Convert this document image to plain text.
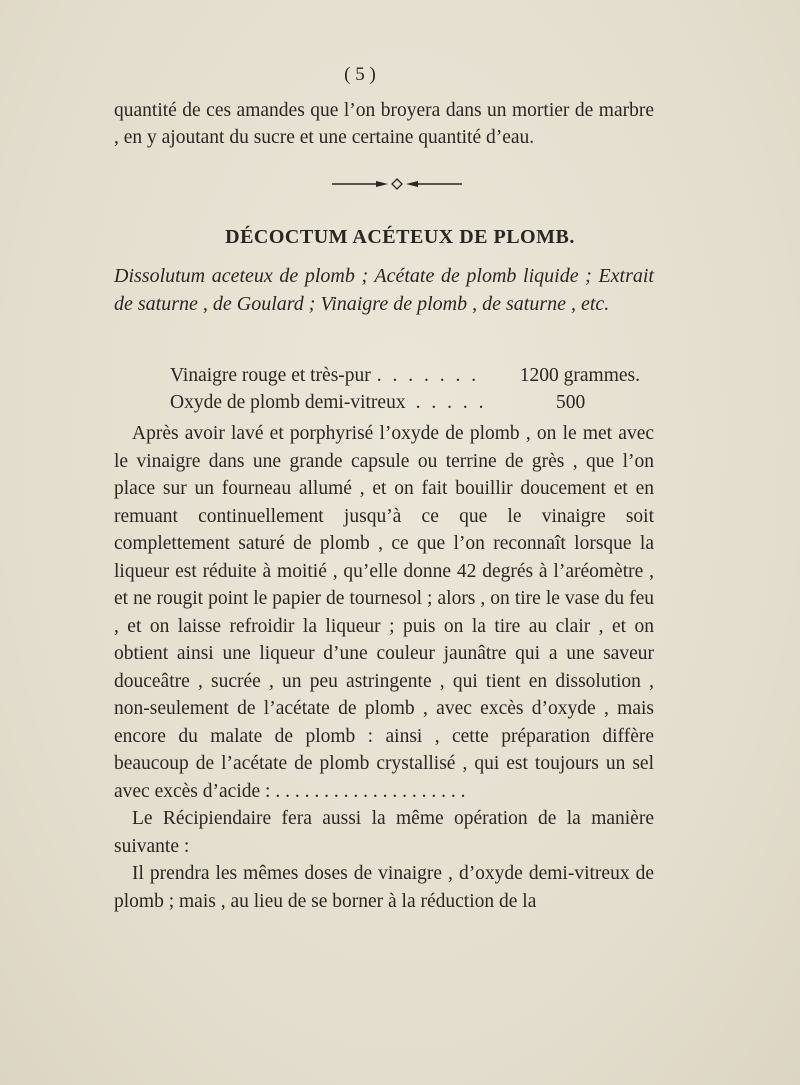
( 5 )

quantité de ces amandes que l’on broyera dans un mortier de marbre , en y ajoutant du sucre et une certaine quantité d’eau.

DÉCOCTUM ACÉTEUX DE PLOMB.
Dissolutum aceteux de plomb ; Acétate de plomb liquide ; Extrait de saturne , de Goulard ; Vinaigre de plomb , de saturne , etc.
Vinaigre rouge et très-pur . . . . . . .	1200 grammes.
Oxyde de plomb demi-vitreux . . . . .	500

Après avoir lavé et porphyrisé l’oxyde de plomb , on le met avec le vinaigre dans une grande capsule ou terrine de grès , que l’on place sur un fourneau allumé , et on fait bouillir doucement et en remuant continuellement jusqu’à ce que le vinaigre soit complettement saturé de plomb , ce que l’on reconnaît lorsque la liqueur est réduite à moitié , qu’elle donne 42 degrés à l’aréomètre , et ne rougit point le papier de tournesol ; alors , on tire le vase du feu , et on laisse refroidir la liqueur ; puis on la tire au clair , et on obtient ainsi une liqueur d’une couleur jaunâtre qui a une saveur douceâtre , sucrée , un peu astringente , qui tient en dissolution , non-seulement de l’acétate de plomb , avec excès d’oxyde , mais encore du malate de plomb : ainsi , cette préparation diffère beaucoup de l’acétate de plomb crystallisé , qui est toujours un sel avec excès d’acide : . . . . . . . . . . . . . . . . . . . .

Le Récipiendaire fera aussi la même opération de la manière suivante :

Il prendra les mêmes doses de vinaigre , d’oxyde demi-vitreux de plomb ; mais , au lieu de se borner à la réduction de la
